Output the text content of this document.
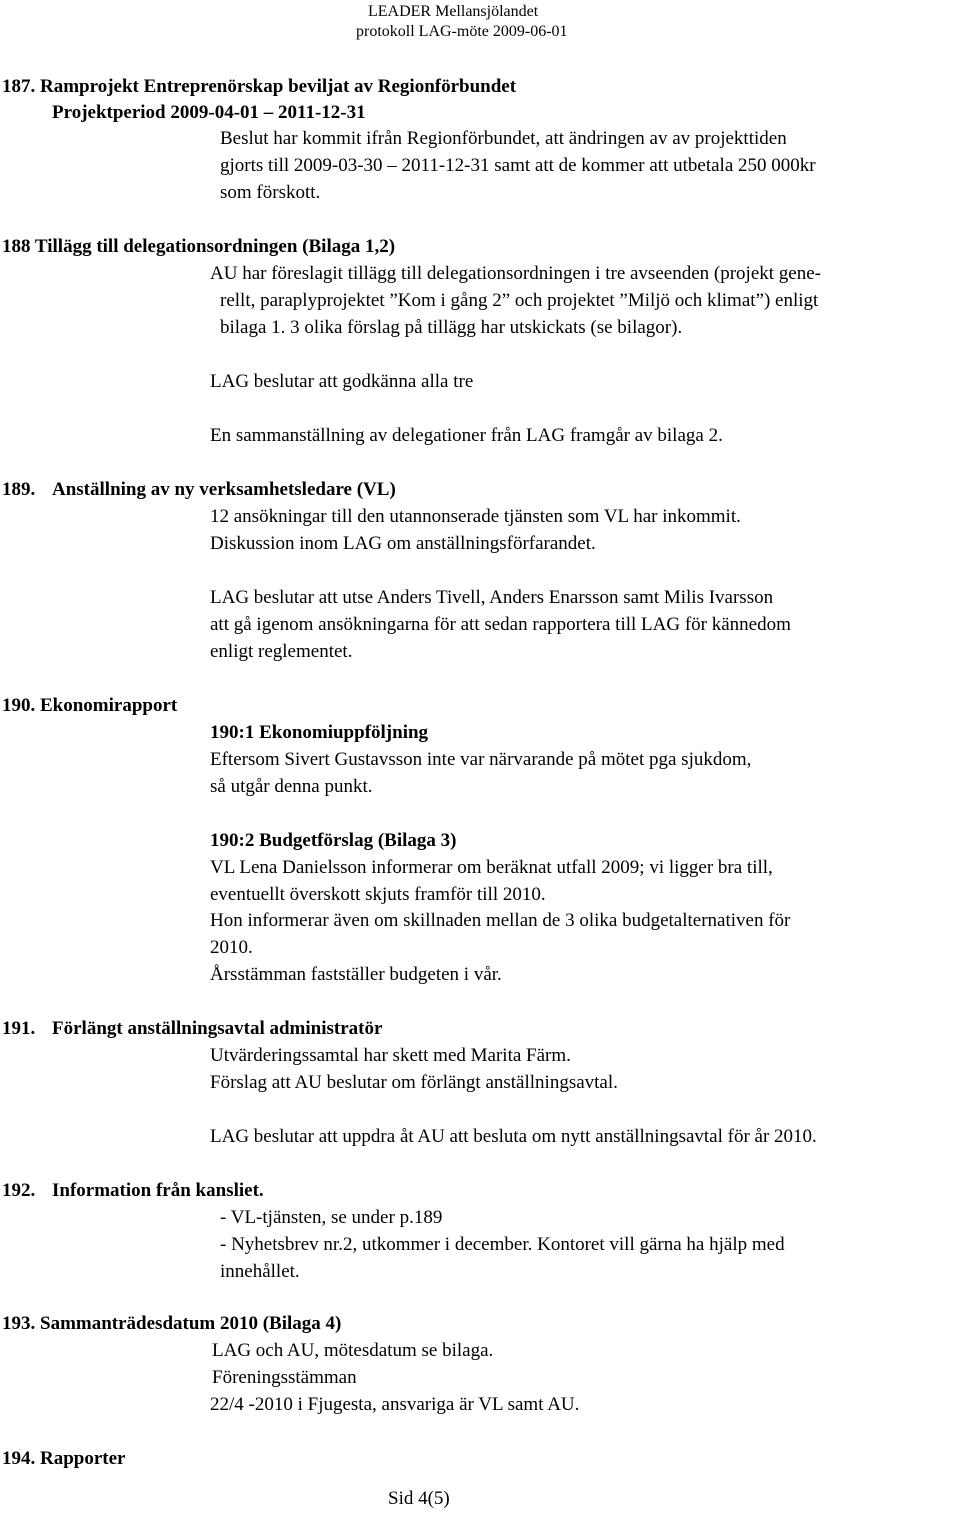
LEADER Mellansjölandet
protokoll LAG-möte 2009-06-01
187. Ramprojekt Entreprenörskap beviljat av Regionförbundet
Projektperiod 2009-04-01 – 2011-12-31
Beslut har kommit ifrån Regionförbundet, att ändringen av av projekttiden
gjorts till 2009-03-30 – 2011-12-31 samt att de kommer att utbetala 250 000kr
som förskott.
188 Tillägg till delegationsordningen (Bilaga 1,2)
AU har föreslagit tillägg till delegationsordningen i tre avseenden (projekt gene-
rellt, paraplyprojektet ”Kom i gång 2” och projektet ”Miljö och klimat”) enligt
bilaga 1. 3 olika förslag på tillägg har utskickats (se bilagor).
LAG beslutar att godkänna alla tre
En sammanställning av delegationer från LAG framgår av bilaga 2.
189. Anställning av ny verksamhetsledare (VL)
12 ansökningar till den utannonserade tjänsten som VL har inkommit.
Diskussion inom LAG om anställningsförfarandet.
LAG beslutar att utse Anders Tivell, Anders Enarsson samt Milis Ivarsson
att gå igenom ansökningarna för att sedan rapportera till LAG för kännedom
enligt reglementet.
190. Ekonomirapport
190:1 Ekonomiuppföljning
Eftersom Sivert Gustavsson inte var närvarande på mötet pga sjukdom,
så utgår denna punkt.
190:2 Budgetförslag (Bilaga 3)
VL Lena Danielsson informerar om beräknat utfall 2009; vi ligger bra till,
eventuellt överskott skjuts framför till 2010.
Hon informerar även om skillnaden mellan de 3 olika budgetalternativen för
2010.
Årsstämman fastställer budgeten i vår.
191. Förlängt anställningsavtal administratör
Utvärderingssamtal har skett med Marita Färm.
Förslag att AU beslutar om förlängt anställningsavtal.
LAG beslutar att uppdra åt AU att besluta om nytt anställningsavtal för år 2010.
192. Information från kansliet.
- VL-tjänsten, se under p.189
- Nyhetsbrev nr.2, utkommer i december. Kontoret vill gärna ha hjälp med
innehållet.
193. Sammanträdesdatum 2010 (Bilaga 4)
LAG och AU, mötesdatum se bilaga.
Föreningsstämman
22/4 -2010 i Fjugesta, ansvariga är VL samt AU.
194. Rapporter
Sid 4(5)
